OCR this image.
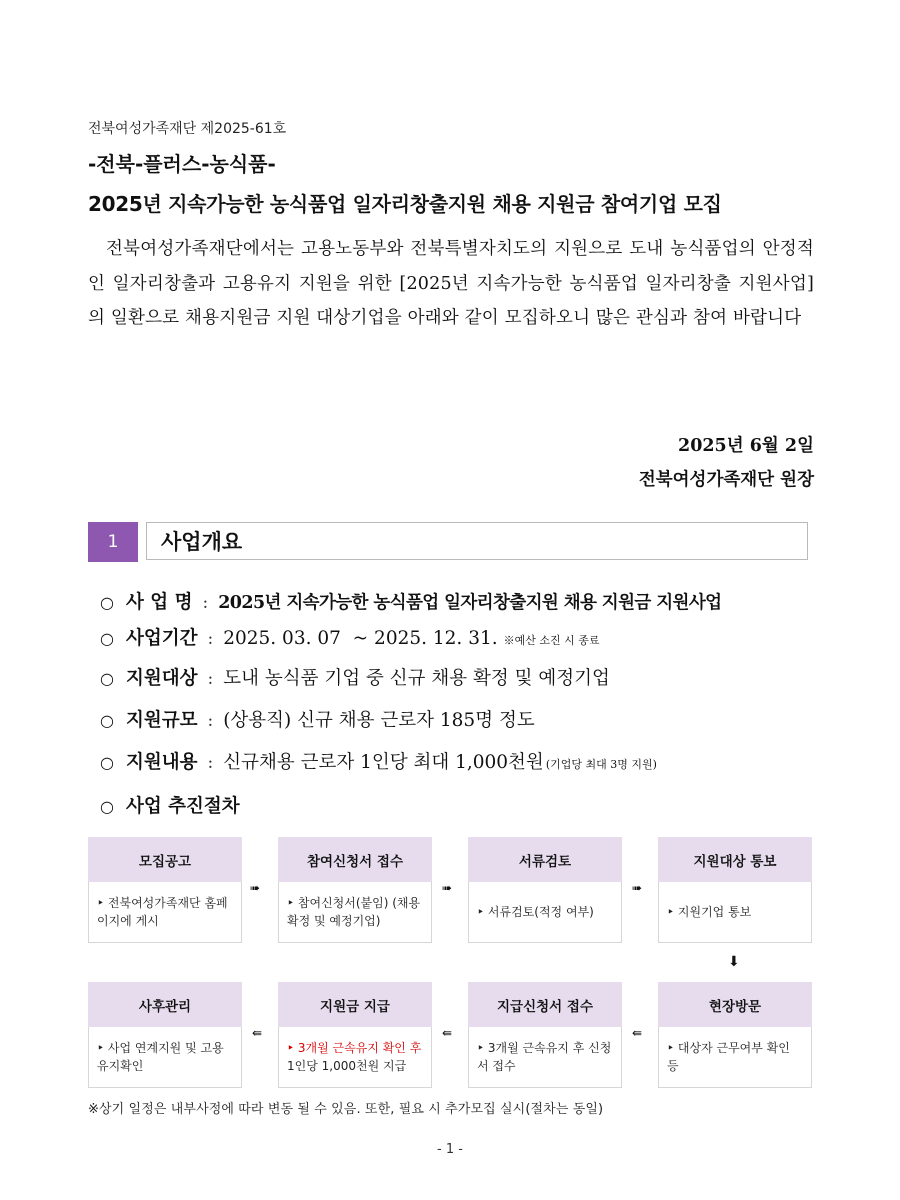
전북여성가족재단 제2025-61호
-전북-플러스-농식품-
2025년 지속가능한 농식품업 일자리창출지원 채용 지원금 참여기업 모집
전북여성가족재단에서는 고용노동부와 전북특별자치도의 지원으로 도내 농식품업의 안정적인 일자리창출과 고용유지 지원을 위한 [2025년 지속가능한 농식품업 일자리창출 지원사업]의 일환으로 채용지원금 지원 대상기업을 아래와 같이 모집하오니 많은 관심과 참여 바랍니다
2025년 6월 2일
전북여성가족재단 원장
1	사업개요
○ 사 업 명 : 2025년 지속가능한 농식품업 일자리창출지원 채용 지원금 지원사업
○ 사업기간 : 2025. 03. 07  ~ 2025. 12. 31. ※예산 소진 시 종료
○ 지원대상 : 도내 농식품 기업 중 신규 채용 확정 및 예정기업
○ 지원규모 : (상용직) 신규 채용 근로자 185명 정도
○ 지원내용 : 신규채용 근로자 1인당 최대 1,000천원 (기업당 최대 3명 지원)
○ 사업 추진절차
모집공고
‣ 전북여성가족재단 홈페이지에 게시
➠
참여신청서 접수
‣ 참여신청서(붙임) (채용 확정 및 예정기업)
➠
서류검토
‣ 서류검토(적정 여부)
➠
지원대상 통보
‣ 지원기업 통보
⬇
사후관리
‣ 사업 연계지원 및 고용유지확인
⇚
지원금 지급
‣ 3개월 근속유지 확인 후
1인당 1,000천원 지급
⇚
지급신청서 접수
‣ 3개월 근속유지 후 신청서 접수
⇚
현장방문
‣ 대상자 근무여부 확인 등
※상기 일정은 내부사정에 따라 변동 될 수 있음. 또한, 필요 시 추가모집 실시(절차는 동일)
- 1 -
